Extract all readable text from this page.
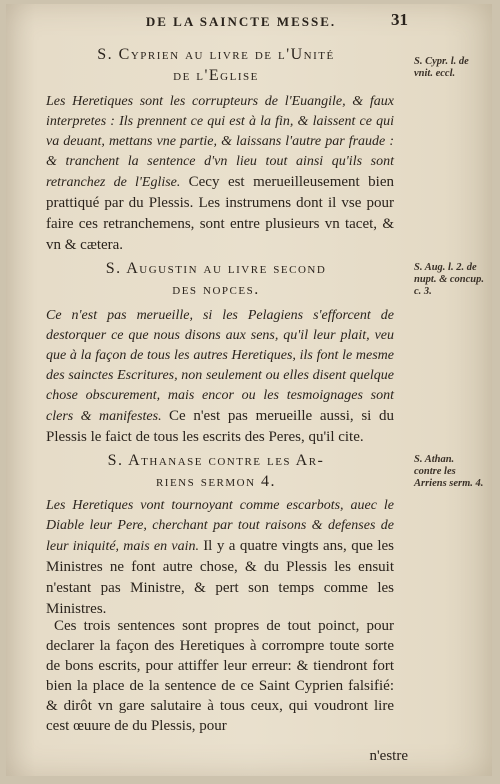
DE LA SAINCTE MESSE.	31
S. Cyprien au livre de l'Unité
de l'Eglise
S. Cypr. l. de vnit. eccl.

Les Heretiques sont les corrupteurs de l'Euangile, & faux interpretes : Ils prennent ce qui est à la fin, & laissent ce qui va deuant, mettans vne partie, & laissans l'autre par fraude : & tranchent la sentence d'vn lieu tout ainsi qu'ils sont retranchez de l'Eglise. Cecy est merueilleusement bien prattiqué par du Plessis. Les instrumens dont il vse pour faire ces retranchemens, sont entre plusieurs vn tacet, & vn & cætera.

S. Augustin au livre second
des nopces.
S. Aug. l. 2. de nupt. & concup. c. 3.

Ce n'est pas merueille, si les Pelagiens s'efforcent de destorquer ce que nous disons aux sens, qu'il leur plait, veu que à la façon de tous les autres Heretiques, ils font le mesme des sainctes Escritures, non seulement ou elles disent quelque chose obscurement, mais encor ou les tesmoignages sont clers & manifestes. Ce n'est pas merueille aussi, si du Plessis le faict de tous les escrits des Peres, qu'il cite.

S. Athanase contre les Ar-
riens sermon 4.
S. Athan. contre les Arriens serm. 4.

Les Heretiques vont tournoyant comme escarbots, auec le Diable leur Pere, cherchant par tout raisons & defenses de leur iniquité, mais en vain. Il y a quatre vingts ans, que les Ministres ne font autre chose, & du Plessis les ensuit n'estant pas Ministre, & pert son temps comme les Ministres.

Ces trois sentences sont propres de tout poinct, pour declarer la façon des Heretiques à corrompre toute sorte de bons escrits, pour attiffer leur erreur: & tiendront fort bien la place de la sentence de ce Saint Cyprien falsifié: & dirôt vn gare salutaire à tous ceux, qui voudront lire cest œuure de du Plessis, pour

n'estre
